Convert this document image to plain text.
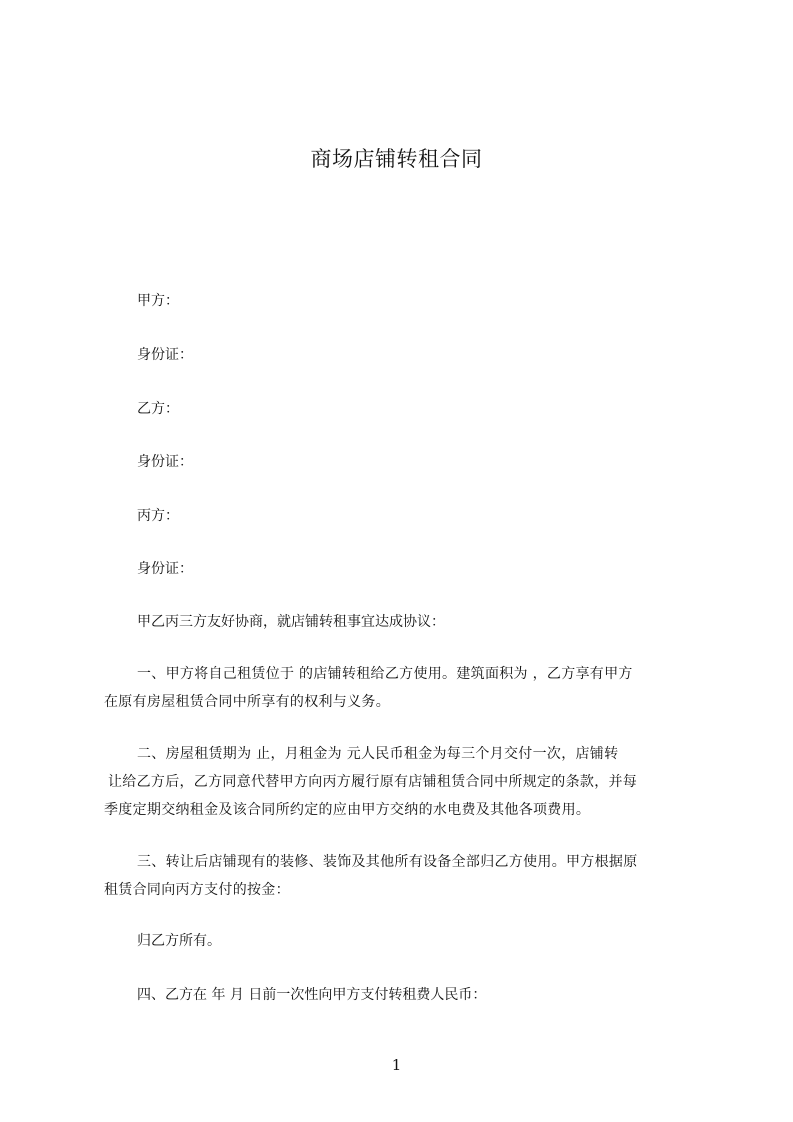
商场店铺转租合同
甲方：
身份证：
乙方：
身份证：
丙方：
身份证：
甲乙丙三方友好协商，就店铺转租事宜达成协议：
一、甲方将自己租赁位于 的店铺转租给乙方使用。建筑面积为 ，乙方享有甲方
在原有房屋租赁合同中所享有的权利与义务。
二、房屋租赁期为 止，月租金为 元人民币租金为每三个月交付一次，店铺转
让给乙方后，乙方同意代替甲方向丙方履行原有店铺租赁合同中所规定的条款，并每
季度定期交纳租金及该合同所约定的应由甲方交纳的水电费及其他各项费用。
三、转让后店铺现有的装修、装饰及其他所有设备全部归乙方使用。甲方根据原
租赁合同向丙方支付的按金：
归乙方所有。
四、乙方在 年 月 日前一次性向甲方支付转租费人民币：
1
